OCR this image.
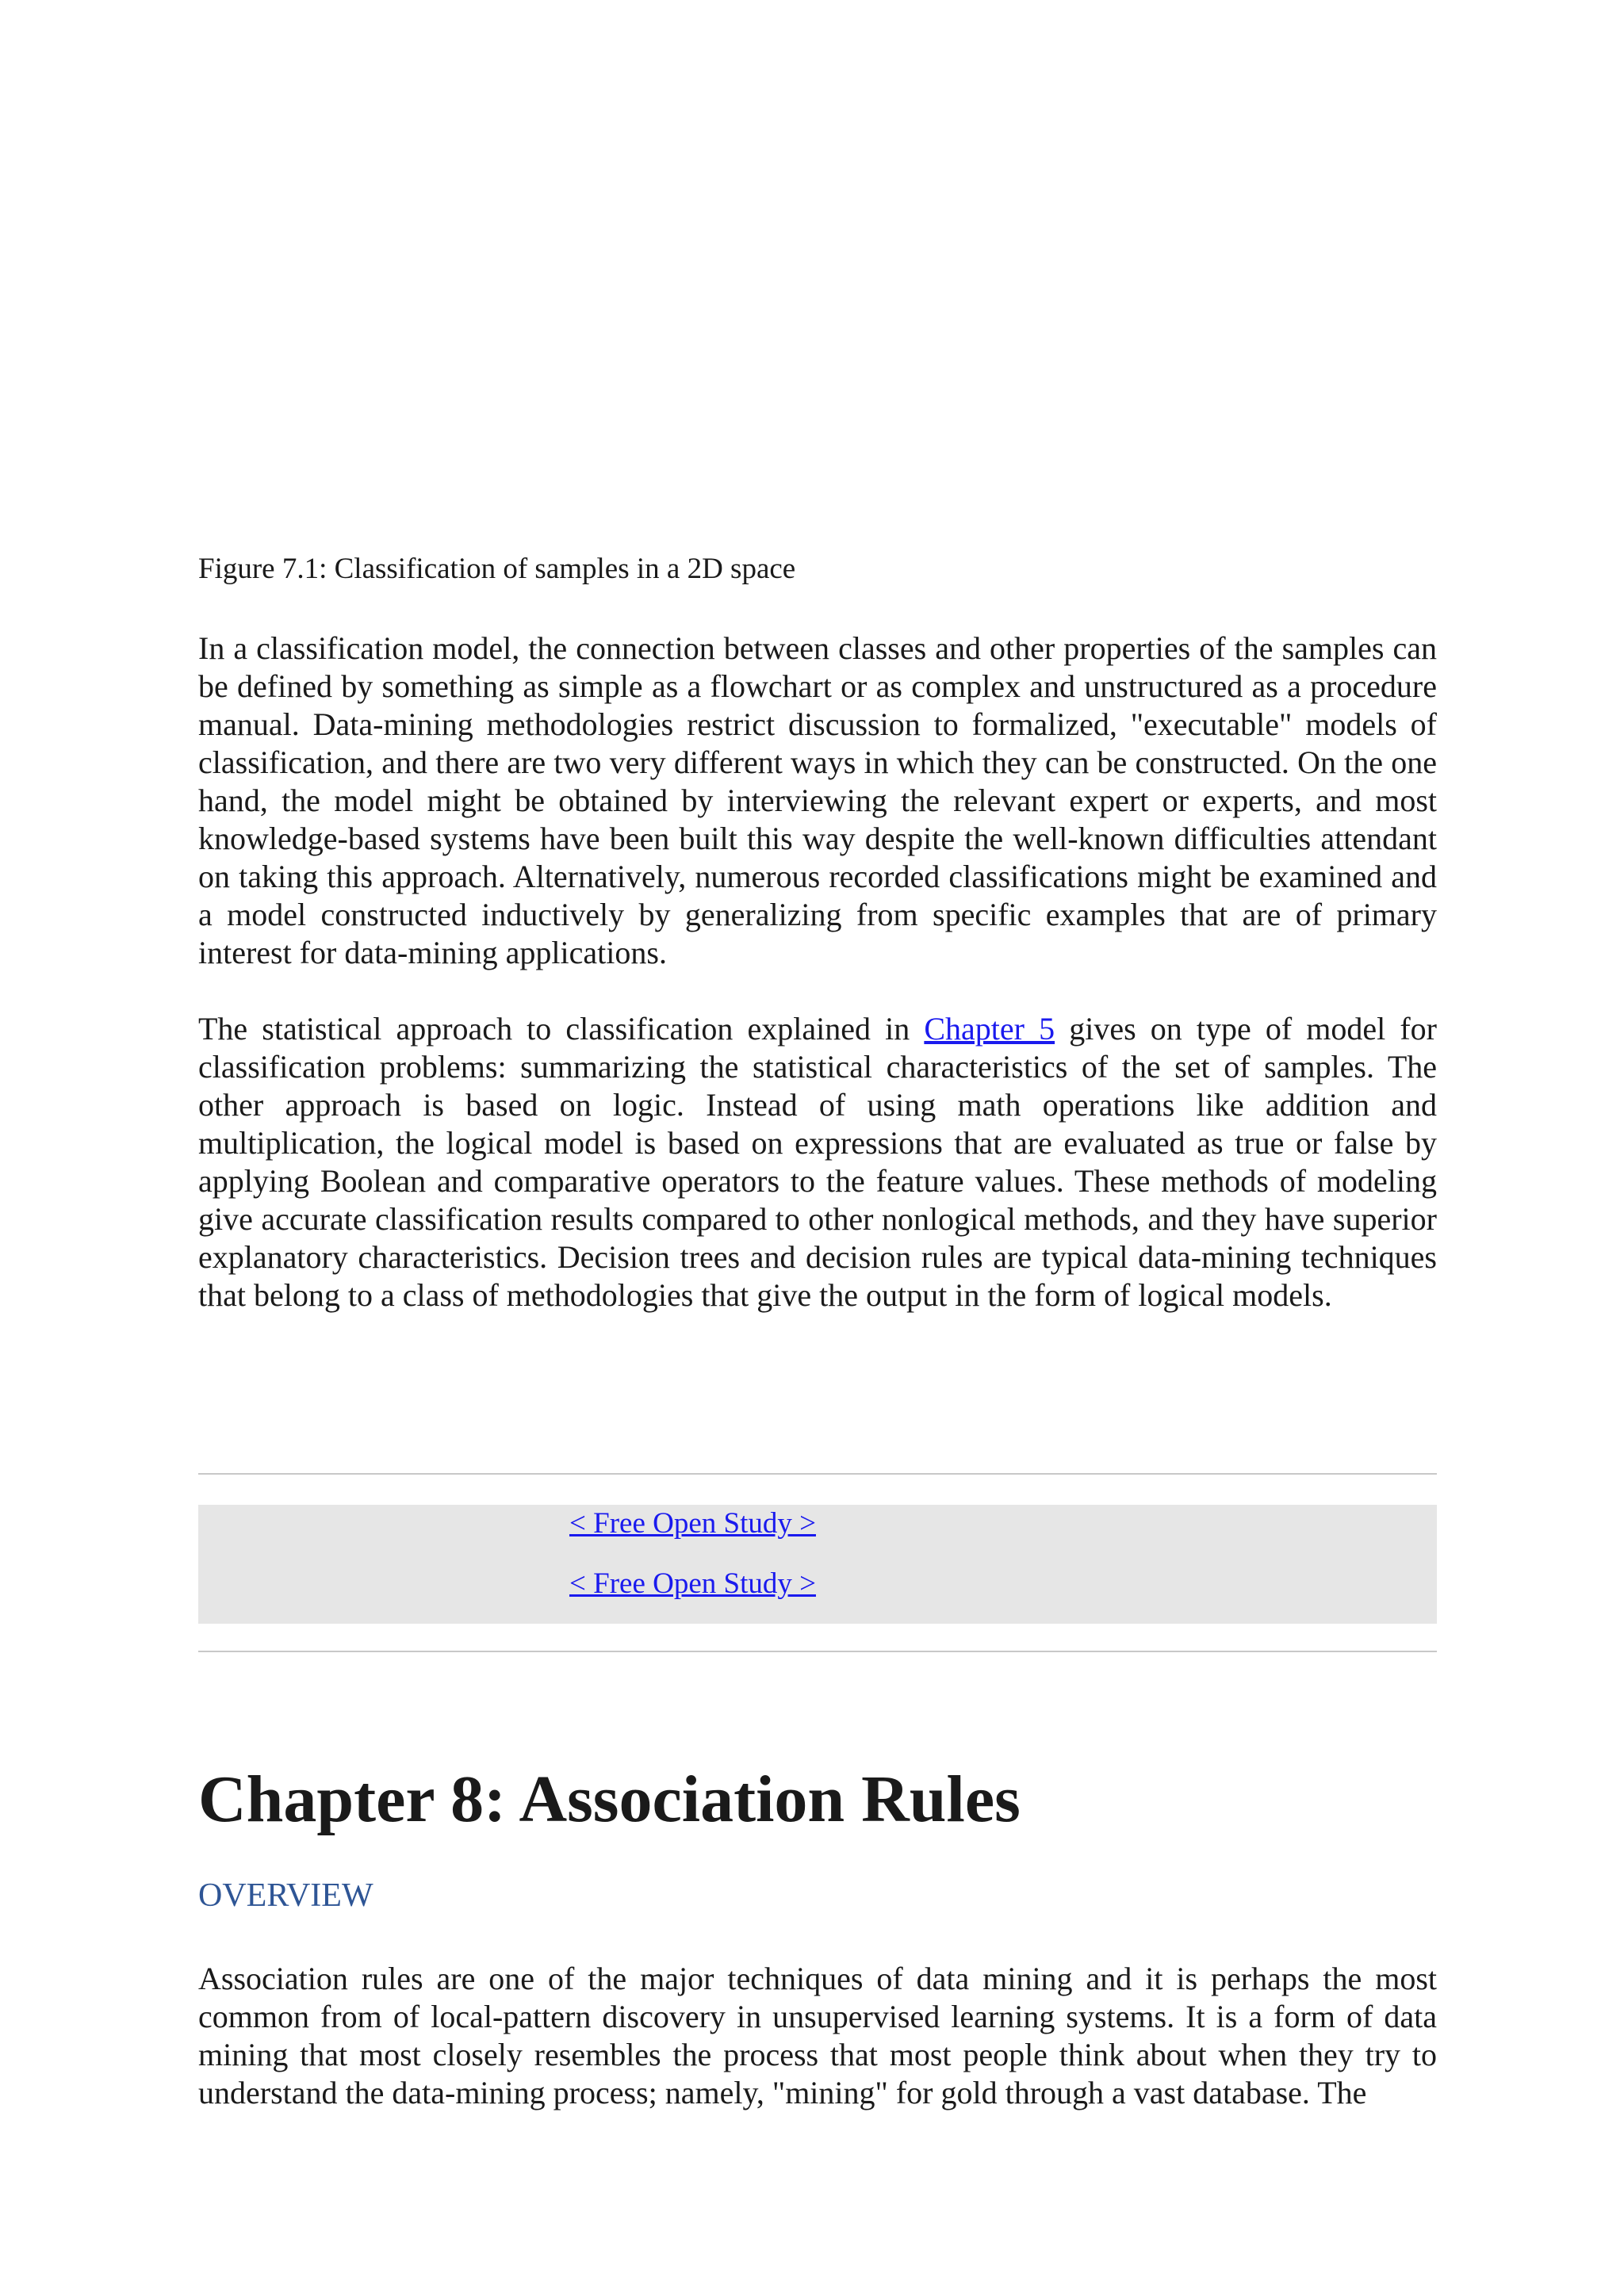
Figure 7.1: Classification of samples in a 2D space

In a classification model, the connection between classes and other properties of the samples can be defined by something as simple as a flowchart or as complex and unstructured as a procedure manual. Data-mining methodologies restrict discussion to formalized, "executable" models of classification, and there are two very different ways in which they can be constructed. On the one hand, the model might be obtained by interviewing the relevant expert or experts, and most knowledge-based systems have been built this way despite the well-known difficulties attendant on taking this approach. Alternatively, numerous recorded classifications might be examined and a model constructed inductively by generalizing from specific examples that are of primary interest for data-mining applications.

The statistical approach to classification explained in Chapter 5 gives on type of model for classification problems: summarizing the statistical characteristics of the set of samples. The other approach is based on logic. Instead of using math operations like addition and multiplication, the logical model is based on expressions that are evaluated as true or false by applying Boolean and comparative operators to the feature values. These methods of modeling give accurate classification results compared to other nonlogical methods, and they have superior explanatory characteristics. Decision trees and decision rules are typical data-mining techniques that belong to a class of methodologies that give the output in the form of logical models.

< Free Open Study >
< Free Open Study >
Chapter 8: Association Rules
OVERVIEW

Association rules are one of the major techniques of data mining and it is perhaps the most common from of local-pattern discovery in unsupervised learning systems. It is a form of data mining that most closely resembles the process that most people think about when they try to understand the data-mining process; namely, "mining" for gold through a vast database. The
